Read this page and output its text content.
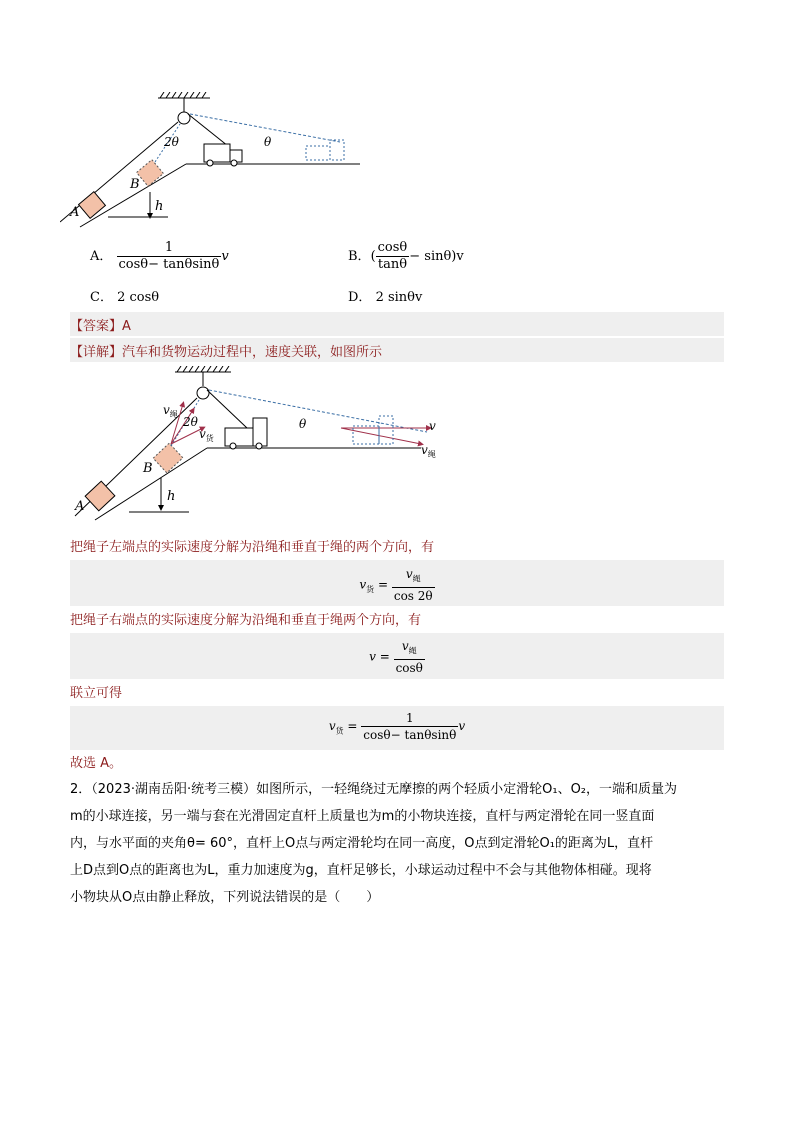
A
B
h
2θ	θ
A． $\frac{1}{\cos\theta- \tan\theta\sin\theta}$ v	B．( $\frac{\cos\theta}{\tan\theta} - \sin\theta)v$
C． 2 cosθ	D． 2 sinθv
【答案】A
【详解】汽车和货物运动过程中，速度关联，如图所示
A
B
h
2θ	θ
$v_绳$
$v_货$
v
$v_绳$
把绳子左端点的实际速度分解为沿绳和垂直于绳的两个方向，有
$v_货 = \frac{v_绳}{\cos 2\theta}$
把绳子右端点的实际速度分解为沿绳和垂直于绳两个方向，有
$v = \frac{v_绳}{\cos\theta}$
联立可得
$v_货 = \frac{1}{\cos\theta- \tan\theta\sin\theta}$ v
故选 A。
2．（2023·湖南岳阳·统考三模）如图所示，一轻绳绕过无摩擦的两个轻质小定滑轮O₁、O₂，一端和质量为
m的小球连接，另一端与套在光滑固定直杆上质量也为m的小物块连接，直杆与两定滑轮在同一竖直面
内，与水平面的夹角θ= 60°，直杆上O点与两定滑轮均在同一高度，O点到定滑轮O₁的距离为L，直杆
上D点到O点的距离也为L，重力加速度为g，直杆足够长，小球运动过程中不会与其他物体相碰。现将
小物块从O点由静止释放，下列说法错误的是（　　）
